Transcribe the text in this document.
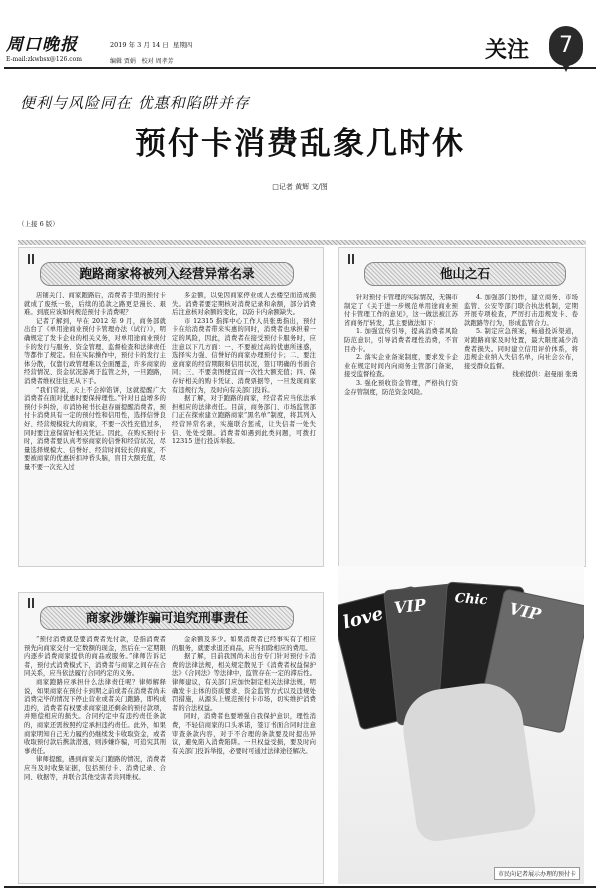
周口晚报	2019 年 3 月 14 日 星期四
E-mail:zkwbsx@126.com	编辑 贾娟 校对 周孝芳	关注	7
便利与风险同在 优惠和陷阱并存
预付卡消费乱象几时休
□记者 黄辉 文/图
（上接 6 版）
跑路商家将被列入经营异常名录

店铺关门、商家跑路后，消费者手里的预付卡就成了废纸一张，后续的追款之路更是漫长、艰难。到底应该如何规范预付卡消费呢？

记者了解到，早在 2012 年 9 月，商务部就出台了《单用途商业预付卡管理办法（试行）》，明确规定了发卡企业的相关义务，对单用途商业预付卡的发行与服务、资金管理、监督检查和法律责任等都作了规定。但在实际操作中，预付卡的发行主体分散，仅靠行政管理难以全面覆盖，许多商家的经营情况、资金状况游离于监管之外，一旦跑路，消费者维权往往无从下手。

“我们常说，天上不会掉馅饼，这就提醒广大消费者在面对优惠时要保持理性。”针对日益增多的预付卡纠纷，市消协秘书长赵春丽提醒消费者，预付卡消费具有一定的预付性和信用性，选择信誉良好、经营规模较大的商家，不要一次性充值过多，同时要注意保留好相关凭证。因此，在购买预付卡时，消费者要认真考察商家的信誉和经营状况，尽量选择规模大、信誉好、经营时间较长的商家，不要被商家的优惠折扣冲昏头脑，盲目大额充值，尽量不要一次充入过

多金额，以免因商家停业或人去楼空而造成损失。消费者要定期核对消费记录和余额，部分消费后注意核对余额的变化，以防卡内余额缺失。

市 12315 指挥中心工作人员张勇指出，预付卡在给消费者带来实惠的同时，消费者也承担着一定的风险，因此，消费者在接受预付卡服务时，应注意以下几方面：一、不要被过高的优惠所迷惑，选择实力强、信誉好的商家办理预付卡；二、要注意商家的经营期限和信用状况，签订明确的书面合同；三、不要贪图便宜而一次性大额充值；四、保存好相关的购卡凭证、消费票据等，一旦发现商家有违规行为，及时向有关部门投诉。

据了解，对于跑路的商家，经营者应当依法承担相应的法律责任。目前，商务部门、市场监管部门正在探索建立跑路商家“黑名单”制度，将其列入经营异常名录，实施联合惩戒，让失信者一处失信、处处受限。消费者如遇到此类问题，可拨打 12315 进行投诉举报。

他山之石

针对预付卡管理的实际情况，无锡市制定了《关于进一步规范单用途商业预付卡管理工作的意见》，这一做法被江苏省商务厅转发，其主要做法如下：

1. 加强宣传引导，提高消费者风险防范意识，引导消费者理性消费，不盲目办卡。

2. 落实企业备案制度，要求发卡企业在规定时间内向商务主管部门备案，接受监督检查。

3. 强化预收资金管理，严格执行资金存管制度，防范资金风险。

4. 加强部门协作，建立商务、市场监管、公安等部门联合执法机制，定期开展专项检查，严厉打击违规发卡、卷款跑路等行为，形成监管合力。

5. 制定应急预案，畅通投诉渠道，对跑路商家及时处置，最大限度减少消费者损失。同时建立信用评价体系，将违规企业纳入失信名单，向社会公布，接受群众监督。

线索提供：赵曼丽 张勇

love VIP	Chic	VIP
市民向记者展示办理的预付卡
商家涉嫌诈骗可追究刑事责任

“预付消费就是要消费者先付款，是指消费者预先向商家交付一定数额的现金，然后在一定期限内逐步消费商家提供的商品或服务。”律师告诉记者，预付式消费模式下，消费者与商家之间存在合同关系，应当依法履行合同约定的义务。

商家跑路应承担什么法律责任呢？律师解释说，如果商家在预付卡到期之前或者在消费者尚未消费完毕的情况下停止营业或者关门跑路，即构成违约，消费者有权要求商家退还剩余的预付款项，并赔偿相应的损失。合同约定中有违约责任条款的，商家还需按照约定承担违约责任。此外，如果商家明知自己无力履约仍继续发卡收取资金，或者收取预付款后携款潜逃，则涉嫌诈骗，可追究其刑事责任。

律师提醒，遇到商家关门跑路的情况，消费者应当及时收集证据，包括预付卡、消费记录、合同、收据等，并联合其他受害者共同维权。

金余额及多少。如果消费者已经事实有了相应的服务，就要求退还商品，应当扣除相应的费用。

据了解，目前我国尚未出台专门针对预付卡消费的法律法规，相关规定散见于《消费者权益保护法》《合同法》等法律中，监管存在一定的滞后性。律师建议，有关部门应加快制定相关法律法规，明确发卡主体的资质要求、资金监管方式以及违规处罚措施，从源头上规范预付卡市场，切实维护消费者的合法权益。

同时，消费者也要增强自我保护意识，理性消费，不轻信商家的口头承诺，签订书面合同时注意审查条款内容，对于不合理的条款要及时提出异议，避免陷入消费陷阱。一旦权益受损，要及时向有关部门投诉举报，必要时可通过法律途径解决。
